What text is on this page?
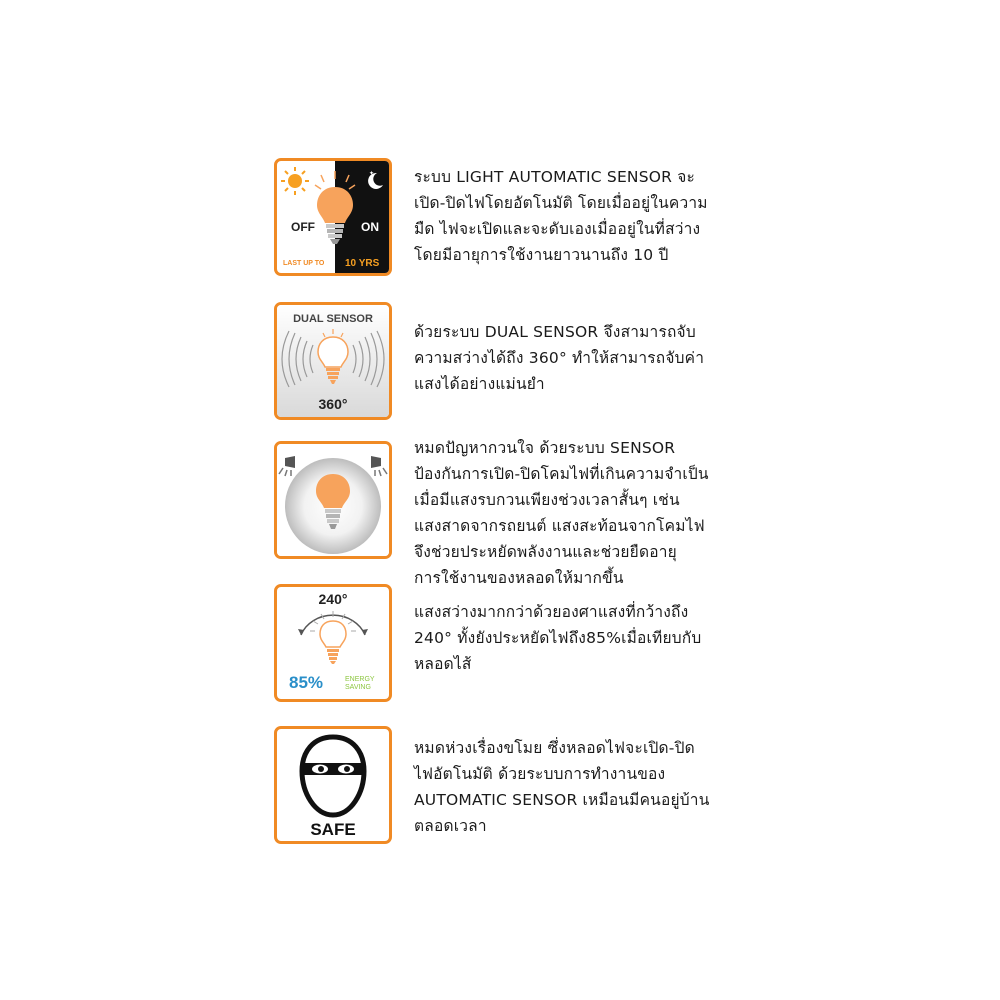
✦
OFF	ON
LAST UP TO 10 YRS
ระบบ LIGHT AUTOMATIC SENSOR จะ
เปิด-ปิดไฟโดยอัตโนมัติ โดยเมื่ออยู่ในความ
มืด ไฟจะเปิดและจะดับเองเมื่ออยู่ในที่สว่าง
โดยมีอายุการใช้งานยาวนานถึง 10 ปี
DUAL SENSOR
360°
ด้วยระบบ DUAL SENSOR จึงสามารถจับ
ความสว่างได้ถึง 360° ทำให้สามารถจับค่า
แสงได้อย่างแม่นยำ
หมดปัญหากวนใจ ด้วยระบบ SENSOR
ป้องกันการเปิด-ปิดโคมไฟที่เกินความจำเป็น
เมื่อมีแสงรบกวนเพียงช่วงเวลาสั้นๆ เช่น
แสงสาดจากรถยนต์ แสงสะท้อนจากโคมไฟ
จึงช่วยประหยัดพลังงานและช่วยยืดอายุ
การใช้งานของหลอดให้มากขึ้น
240°
85%	ENERGY
SAVING
แสงสว่างมากกว่าด้วยองศาแสงที่กว้างถึง
240° ทั้งยังประหยัดไฟถึง85%เมื่อเทียบกับ
หลอดไส้
SAFE
หมดห่วงเรื่องขโมย ซึ่งหลอดไฟจะเปิด-ปิด
ไฟอัตโนมัติ ด้วยระบบการทำงานของ
AUTOMATIC SENSOR เหมือนมีคนอยู่บ้าน
ตลอดเวลา
